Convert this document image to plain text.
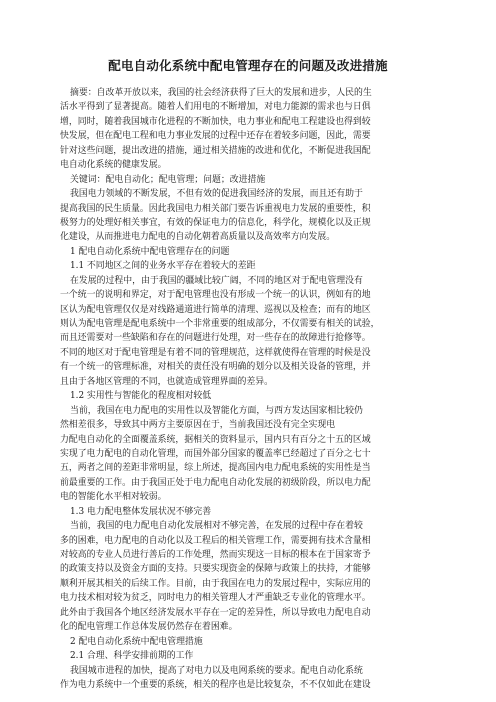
配电自动化系统中配电管理存在的问题及改进措施
摘要：自改革开放以来，我国的社会经济获得了巨大的发展和进步，人民的生
活水平得到了显著提高。随着人们用电的不断增加，对电力能源的需求也与日俱
增，同时，随着我国城市化进程的不断加快，电力事业和配电工程建设也得到较
快发展，但在配电工程和电力事业发展的过程中还存在着较多问题，因此，需要
针对这些问题，提出改进的措施，通过相关措施的改进和优化，不断促进我国配
电自动化系统的健康发展。
关键词：配电自动化；配电管理；问题；改进措施
我国电力领域的不断发展，不但有效的促进我国经济的发展，而且还有助于
提高我国的民生质量。因此我国电力相关部门要告诉重视电力发展的重要性，积
极努力的处理好相关事宜，有效的保证电力的信息化，科学化，规模化以及正规
化建设，从而推进电力配电的自动化朝着高质量以及高效率方向发展。
1 配电自动化系统中配电管理存在的问题
1.1 不同地区之间的业务水平存在着较大的差距
在发展的过程中，由于我国的疆域比较广阔，不同的地区对于配电管理没有
一个统一的说明和界定，对于配电管理也没有形成一个统一的认识，例如有的地
区认为配电管理仅仅是对线路通道进行简单的清理、巡视以及检查；而有的地区
则认为配电管理是配电系统中一个非常重要的组成部分，不仅需要有相关的试验，
而且还需要对一些缺陷和存在的问题进行处理，对一些存在的故障进行抢修等。
不同的地区对于配电管理是有着不同的管理规范，这样就使得在管理的时候是没
有一个统一的管理标准，对相关的责任没有明确的划分以及相关设备的管理，并
且由于各地区管理的不同，也就造成管理界面的差异。
1.2 实用性与智能化的程度相对较低
当前，我国在电力配电的实用性以及智能化方面，与西方发达国家相比较仍
然相差很多，导致其中两方主要原因在于，当前我国还没有完全实现电
力配电自动化的全面覆盖系统，据相关的资料显示，国内只有百分之十五的区域
实现了电力配电的自动化管理，而国外部分国家的覆盖率已经超过了百分之七十
五，两者之间的差距非常明显，综上所述，提高国内电力配电系统的实用性是当
前最重要的工作。由于我国正处于电力配电自动化发展的初级阶段，所以电力配
电的智能化水平相对较弱。
1.3 电力配电整体发展状况不够完善
当前，我国的电力配电自动化发展相对不够完善，在发展的过程中存在着较
多的困难，电力配电的自动化以及工程后的相关管理工作，需要拥有技术含量相
对较高的专业人员进行善后的工作处理，然而实现这一目标的根本在于国家寄予
的政策支持以及资金方面的支持。只要实现资金的保障与政策上的扶持，才能够
顺利开展其相关的后续工作。目前，由于我国在电力的发展过程中，实际应用的
电力技术相对较为贫乏，同时电力的相关管理人才严重缺乏专业化的管理水平。
此外由于我国各个地区经济发展水平存在一定的差异性，所以导致电力配电自动
化的配电管理工作总体发展仍然存在着困难。
2 配电自动化系统中配电管理措施
2.1 合理、科学安排前期的工作
我国城市进程的加快，提高了对电力以及电网系统的要求。配电自动化系统
作为电力系统中一个重要的系统，相关的程序也是比较复杂，不不仅如此在建设
